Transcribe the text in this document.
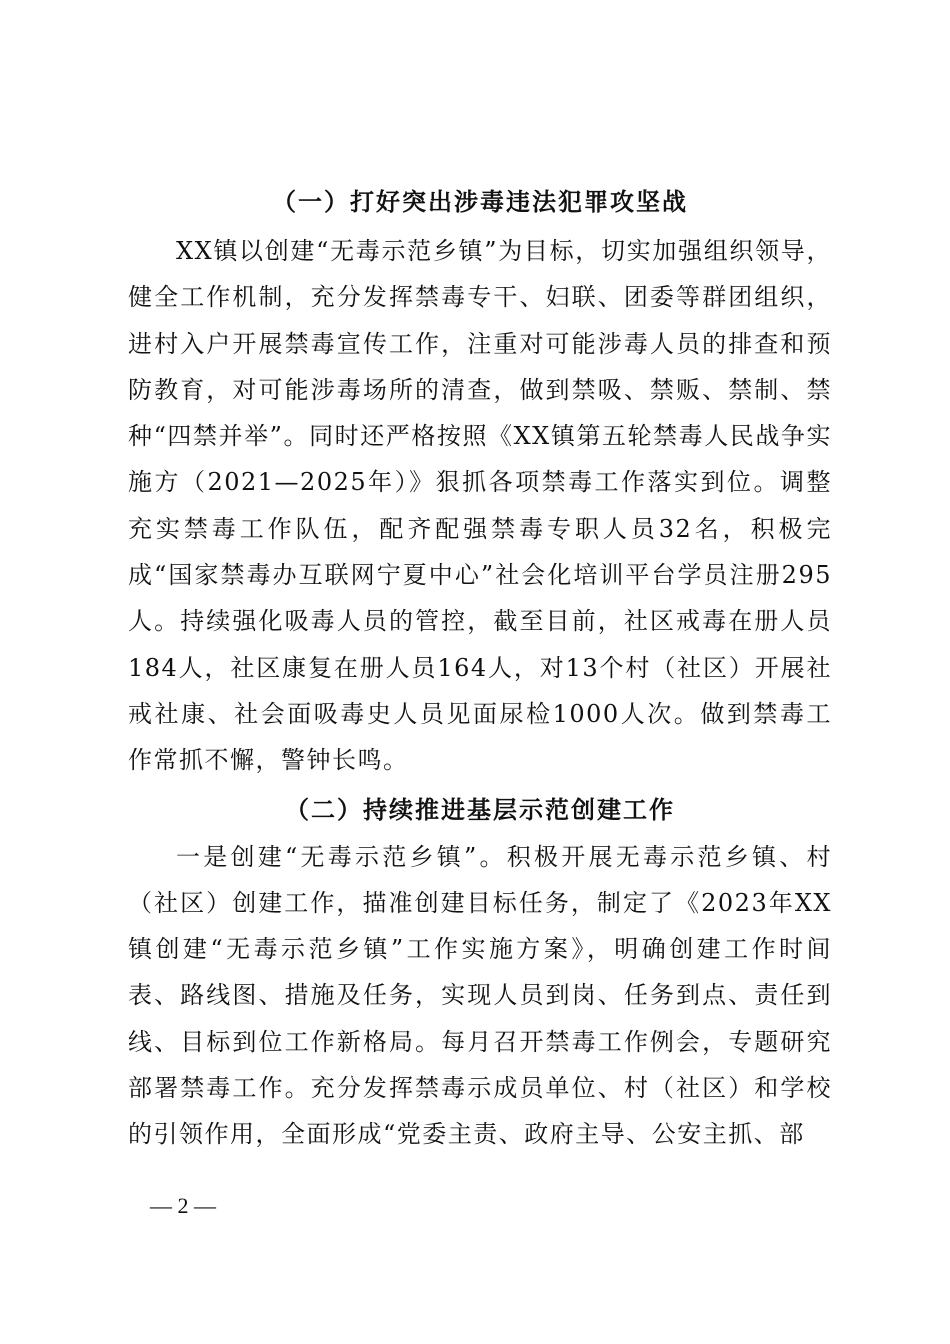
（一）打好突出涉毒违法犯罪攻坚战

XX镇以创建“无毒示范乡镇”为目标，切实加强组织领导，健全工作机制，充分发挥禁毒专干、妇联、团委等群团组织，进村入户开展禁毒宣传工作，注重对可能涉毒人员的排查和预防教育，对可能涉毒场所的清查，做到禁吸、禁贩、禁制、禁种“四禁并举”。同时还严格按照《XX镇第五轮禁毒人民战争实施方（2021—2025年）》狠抓各项禁毒工作落实到位。调整充实禁毒工作队伍，配齐配强禁毒专职人员32名，积极完成“国家禁毒办互联网宁夏中心”社会化培训平台学员注册295人。持续强化吸毒人员的管控，截至目前，社区戒毒在册人员184人，社区康复在册人员164人，对13个村（社区）开展社戒社康、社会面吸毒史人员见面尿检1000人次。做到禁毒工作常抓不懈，警钟长鸣。

（二）持续推进基层示范创建工作

一是创建“无毒示范乡镇”。积极开展无毒示范乡镇、村（社区）创建工作，描准创建目标任务，制定了《2023年XX镇创建“无毒示范乡镇”工作实施方案》，明确创建工作时间表、路线图、措施及任务，实现人员到岗、任务到点、责任到线、目标到位工作新格局。每月召开禁毒工作例会，专题研究部署禁毒工作。充分发挥禁毒示成员单位、村（社区）和学校的引领作用，全面形成“党委主责、政府主导、公安主抓、部

— 2 —
